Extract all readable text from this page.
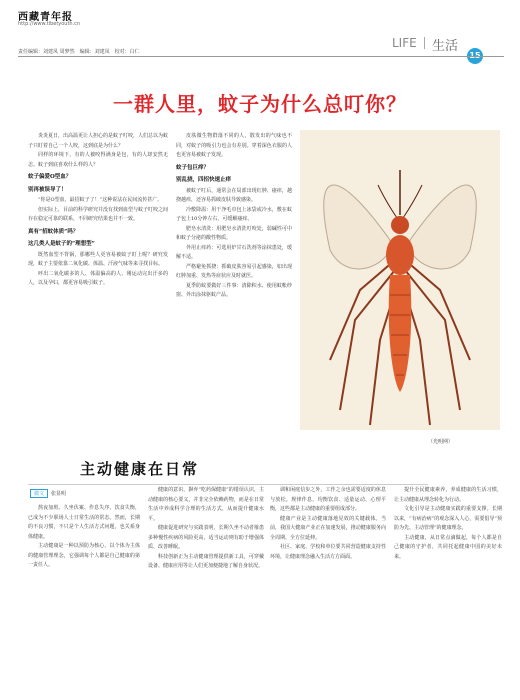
西藏青年报
http://www.tibetyouth.cn
责任编辑：刘建凤 周梦然　编辑：刘建凤　校对：白仁
LIFE 生活
15
一群人里，蚊子为什么总叮你？

炎炎夏日，出高温更让人担心的是蚊子叮咬，人们总以为蚊子只盯着自己一个人咬，这到底是为什么？

同样的环境下，有的人被咬得满身是包，有的人却安然无恙。蚊子到底喜欢什么样的人？

蚊子偏爱O型血？
别再被误导了！

“你是O型血，最招蚊子了！”这种说法在民间流传甚广。

但实际上，目前的科学研究并没有找到血型与蚊子叮咬之间存在稳定可靠的联系，不同研究结果也并不一致。

真有“招蚊体质”吗？
这几类人是蚊子的“理想型”

既然血型不背锅，那哪些人更容易被蚊子盯上呢？研究发现，蚊子主要依靠二氧化碳、体温、汗液气味等来寻找目标。

呼出二氧化碳多的人、体温偏高的人、刚运动完出汗多的人，以及孕妇，都更容易吸引蚊子。

皮肤微生物群落不同的人，散发出的气味也不同，对蚊子的吸引力也会有差别。穿着深色衣服的人也更容易被蚊子发现。

蚊子包巨痒？
别乱挠，四招快速止痒

被蚊子叮后，通常会在局部出现红肿、瘙痒，越挠越痒，还容易抓破皮肤导致感染。

冷敷降温：用干净毛巾包上冰袋或冷水，敷在蚊子包上10分钟左右，可缓解瘙痒。

肥皂水清洗：用肥皂水清洗叮咬处，弱碱性可中和蚊子分泌的酸性物质。

外用止痒药：可选用炉甘石洗剂等涂抹患处，缓解不适。

严格避免抓挠：抓破皮肤容易引起感染，如出现红肿加重、发热等症状应及时就医。

夏季防蚊要做好三件事：清除积水、使用蚊帐纱窗、外出涂抹驱蚊产品。

（光明网）
主动健康在日常
微文 张显明

熬夜加班、久坐伏案、作息失序、饮食失衡，已成为不少职场人士日常生活的常态。然而，长期的不良习惯，不只是个人生活方式问题，也关系身体健康。

主动健康是一种以预防为核心、以个体为主体的健康管理理念，它强调每个人都是自己健康的第一责任人。

健康的意识，摒弃“吃药保健康”的错误认识，主动健康的核心要义，并非完全依赖药物，而是在日常生活中养成科学合理的生活方式，从而提升健康水平。

健康促进研究与实践表明，长期久坐不动者罹患多种慢性疾病的风险更高，适当运动则有助于增强体质、改善睡眠。

科技创新正为主动健康管理提供新工具，可穿戴设备、健康应用等让人们更加便捷地了解自身状况。

调和闲庭信步之外，工作之余也需要适度的休息与放松。规律作息、均衡饮食、适量运动、心理平衡，这些都是主动健康的重要组成部分。

健康产业是主动健康落地见效的关键载体。当前，我国大健康产业正在加速发展，推动健康服务向全周期、全方位延伸。

社区、家庭、学校和单位要共同营造健康支持性环境，让健康理念融入生活方方面面。

提升全民健康素养，养成健康的生活习惯，让主动健康从理念转化为行动。

文化引导是主动健康实践的重要支撑。长期以来，“有病治病”的观念深入人心，需要倡导“预防为先、主动管理”的健康理念。

主动健康，从日常点滴做起，每个人都是自己健康的守护者，共同托起健康中国的美好未来。
